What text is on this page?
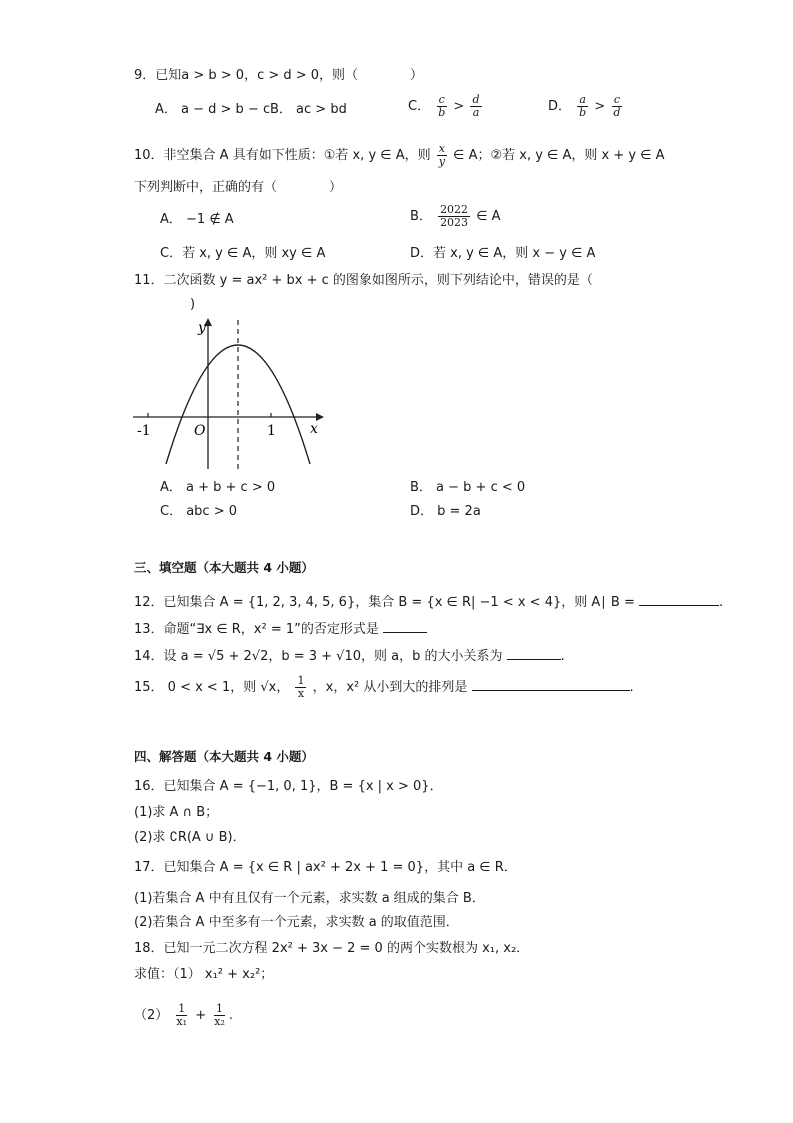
9．已知a > b > 0，c > d > 0，则（　　　　）
A． a − d > b − c B． ac > bd	C． $\frac{c}{b} > \frac{d}{a}$	D． $\frac{a}{b} > \frac{c}{d}$
10．非空集合 A 具有如下性质：①若 x, y ∈ A，则 $\frac{x}{y}$ ∈ A；②若 x, y ∈ A，则 x + y ∈ A
下列判断中，正确的有（　　　　）
A． −1 ∉ A	B． $\frac{2022}{2023}$ ∈ A
C．若 x, y ∈ A，则 xy ∈ A	D．若 x, y ∈ A，则 x − y ∈ A
11．二次函数 y = ax² + bx + c 的图象如图所示，则下列结论中，错误的是（
)
y
x
O
-1	1
A． a + b + c > 0	B． a − b + c < 0
C． abc > 0	D． b = 2a
三、填空题（本大题共 4 小题）
12．已知集合 A = {1, 2, 3, 4, 5, 6}，集合 B = {x ∈ R| −1 < x < 4}，则 A∣ B =	.
13．命题“∃x ∈ R，x² = 1”的否定形式是
14．设 a = √5 + 2√2，b = 3 + √10，则 a，b 的大小关系为	.
15． 0 < x < 1，则 √x， $\frac{1}{x}$ ，x，x² 从小到大的排列是	.
四、解答题（本大题共 4 小题）
16．已知集合 A = {−1, 0, 1}，B = {x | x > 0}．
(1)求 A ∩ B；
(2)求 ∁R(A ∪ B)．
17．已知集合 A = {x ∈ R | ax² + 2x + 1 = 0}，其中 a ∈ R．
(1)若集合 A 中有且仅有一个元素，求实数 a 组成的集合 B．
(2)若集合 A 中至多有一个元素，求实数 a 的取值范围．
18．已知一元二次方程 2x² + 3x − 2 = 0 的两个实数根为 x₁, x₂．
求值：（1） x₁² + x₂²；
$(2) \frac{1}{\text{x₁}} + \frac{1}{\text{x₂}}$ .
